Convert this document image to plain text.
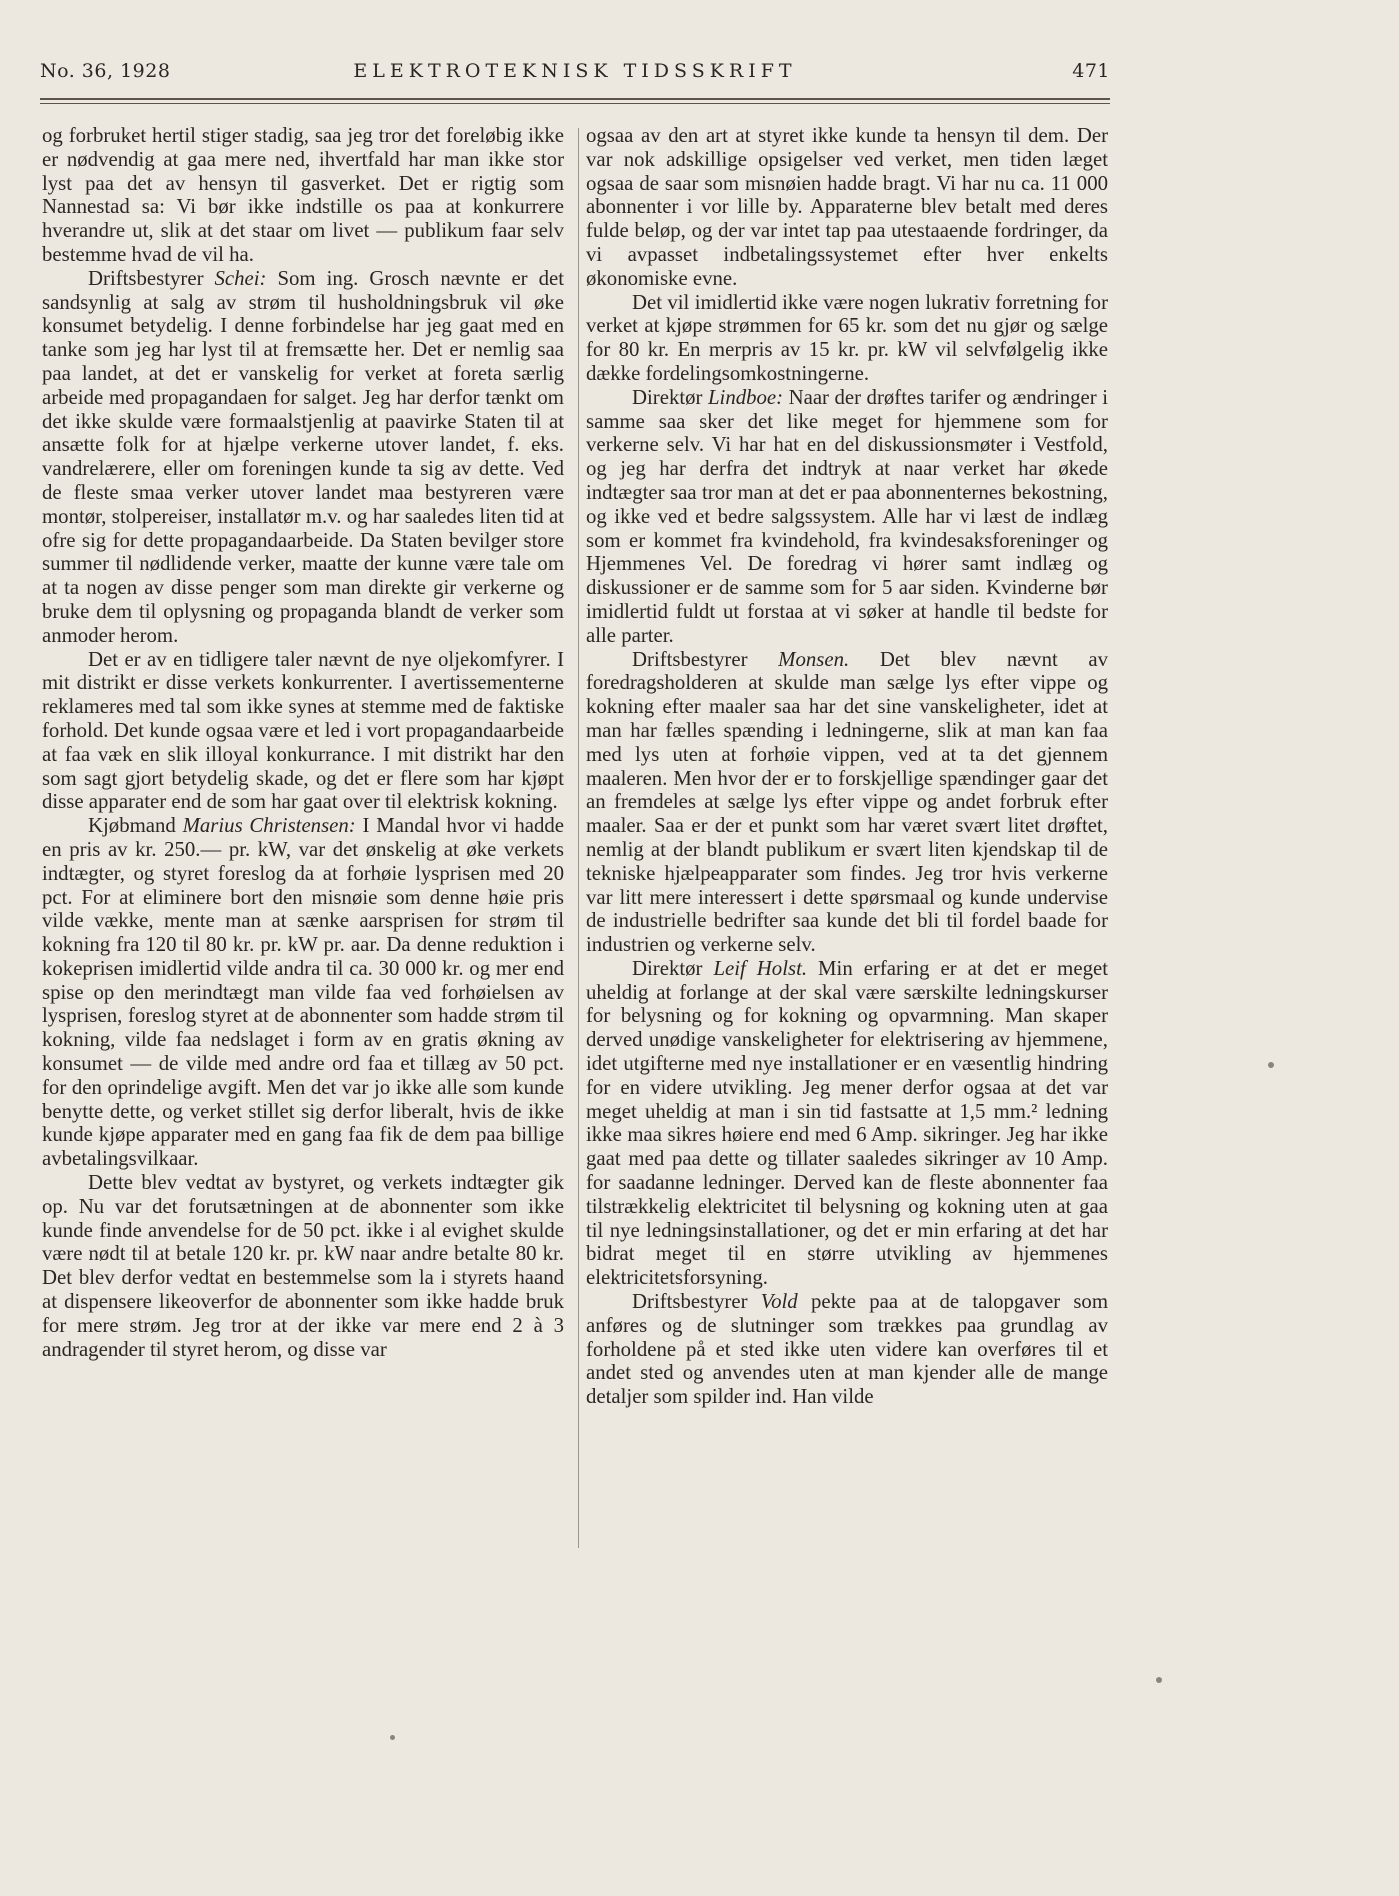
No. 36, 1928	ELEKTROTEKNISK TIDSSKRIFT	471

og forbruket hertil stiger stadig, saa jeg tror det foreløbig ikke er nødvendig at gaa mere ned, ihvertfald har man ikke stor lyst paa det av hensyn til gasverket. Det er rigtig som Nannestad sa: Vi bør ikke indstille os paa at konkurrere hverandre ut, slik at det staar om livet — publikum faar selv bestemme hvad de vil ha.

Driftsbestyrer Schei: Som ing. Grosch nævnte er det sandsynlig at salg av strøm til husholdningsbruk vil øke konsumet betydelig. I denne forbindelse har jeg gaat med en tanke som jeg har lyst til at fremsætte her. Det er nemlig saa paa landet, at det er vanskelig for verket at foreta særlig arbeide med propagandaen for salget. Jeg har derfor tænkt om det ikke skulde være formaalstjenlig at paavirke Staten til at ansætte folk for at hjælpe verkerne utover landet, f. eks. vandrelærere, eller om foreningen kunde ta sig av dette. Ved de fleste smaa verker utover landet maa bestyreren være montør, stolpereiser, installatør m.v. og har saaledes liten tid at ofre sig for dette propagandaarbeide. Da Staten bevilger store summer til nødlidende verker, maatte der kunne være tale om at ta nogen av disse penger som man direkte gir verkerne og bruke dem til oplysning og propaganda blandt de verker som anmoder herom.

Det er av en tidligere taler nævnt de nye oljekomfyrer. I mit distrikt er disse verkets konkurrenter. I avertissementerne reklameres med tal som ikke synes at stemme med de faktiske forhold. Det kunde ogsaa være et led i vort propagandaarbeide at faa væk en slik illoyal konkurrance. I mit distrikt har den som sagt gjort betydelig skade, og det er flere som har kjøpt disse apparater end de som har gaat over til elektrisk kokning.

Kjøbmand Marius Christensen: I Mandal hvor vi hadde en pris av kr. 250.— pr. kW, var det ønskelig at øke verkets indtægter, og styret foreslog da at forhøie lysprisen med 20 pct. For at eliminere bort den misnøie som denne høie pris vilde vække, mente man at sænke aarsprisen for strøm til kokning fra 120 til 80 kr. pr. kW pr. aar. Da denne reduktion i kokeprisen imidlertid vilde andra til ca. 30 000 kr. og mer end spise op den merindtægt man vilde faa ved forhøielsen av lysprisen, foreslog styret at de abonnenter som hadde strøm til kokning, vilde faa nedslaget i form av en gratis økning av konsumet — de vilde med andre ord faa et tillæg av 50 pct. for den oprindelige avgift. Men det var jo ikke alle som kunde benytte dette, og verket stillet sig derfor liberalt, hvis de ikke kunde kjøpe apparater med en gang faa fik de dem paa billige avbetalingsvilkaar.

Dette blev vedtat av bystyret, og verkets indtægter gik op. Nu var det forutsætningen at de abonnenter som ikke kunde finde anvendelse for de 50 pct. ikke i al evighet skulde være nødt til at betale 120 kr. pr. kW naar andre betalte 80 kr. Det blev derfor vedtat en bestemmelse som la i styrets haand at dispensere likeoverfor de abonnenter som ikke hadde bruk for mere strøm. Jeg tror at der ikke var mere end 2 à 3 andragender til styret herom, og disse var

ogsaa av den art at styret ikke kunde ta hensyn til dem. Der var nok adskillige opsigelser ved verket, men tiden læget ogsaa de saar som misnøien hadde bragt. Vi har nu ca. 11 000 abonnenter i vor lille by. Apparaterne blev betalt med deres fulde beløp, og der var intet tap paa utestaaende fordringer, da vi avpasset indbetalingssystemet efter hver enkelts økonomiske evne.

Det vil imidlertid ikke være nogen lukrativ forretning for verket at kjøpe strømmen for 65 kr. som det nu gjør og sælge for 80 kr. En merpris av 15 kr. pr. kW vil selvfølgelig ikke dække fordelingsomkostningerne.

Direktør Lindboe: Naar der drøftes tarifer og ændringer i samme saa sker det like meget for hjemmene som for verkerne selv. Vi har hat en del diskussionsmøter i Vestfold, og jeg har derfra det indtryk at naar verket har økede indtægter saa tror man at det er paa abonnenternes bekostning, og ikke ved et bedre salgssystem. Alle har vi læst de indlæg som er kommet fra kvindehold, fra kvindesaksforeninger og Hjemmenes Vel. De foredrag vi hører samt indlæg og diskussioner er de samme som for 5 aar siden. Kvinderne bør imidlertid fuldt ut forstaa at vi søker at handle til bedste for alle parter.

Driftsbestyrer Monsen. Det blev nævnt av foredragsholderen at skulde man sælge lys efter vippe og kokning efter maaler saa har det sine vanskeligheter, idet at man har fælles spænding i ledningerne, slik at man kan faa med lys uten at forhøie vippen, ved at ta det gjennem maaleren. Men hvor der er to forskjellige spændinger gaar det an fremdeles at sælge lys efter vippe og andet forbruk efter maaler. Saa er der et punkt som har været svært litet drøftet, nemlig at der blandt publikum er svært liten kjendskap til de tekniske hjælpeapparater som findes. Jeg tror hvis verkerne var litt mere interessert i dette spørsmaal og kunde undervise de industrielle bedrifter saa kunde det bli til fordel baade for industrien og verkerne selv.

Direktør Leif Holst. Min erfaring er at det er meget uheldig at forlange at der skal være særskilte ledningskurser for belysning og for kokning og opvarmning. Man skaper derved unødige vanskeligheter for elektrisering av hjemmene, idet utgifterne med nye installationer er en væsentlig hindring for en videre utvikling. Jeg mener derfor ogsaa at det var meget uheldig at man i sin tid fastsatte at 1,5 mm.² ledning ikke maa sikres høiere end med 6 Amp. sikringer. Jeg har ikke gaat med paa dette og tillater saaledes sikringer av 10 Amp. for saadanne ledninger. Derved kan de fleste abonnenter faa tilstrækkelig elektricitet til belysning og kokning uten at gaa til nye ledningsinstallationer, og det er min erfaring at det har bidrat meget til en større utvikling av hjemmenes elektricitetsforsyning.

Driftsbestyrer Vold pekte paa at de talopgaver som anføres og de slutninger som trækkes paa grundlag av forholdene på et sted ikke uten videre kan overføres til et andet sted og anvendes uten at man kjender alle de mange detaljer som spilder ind. Han vilde
